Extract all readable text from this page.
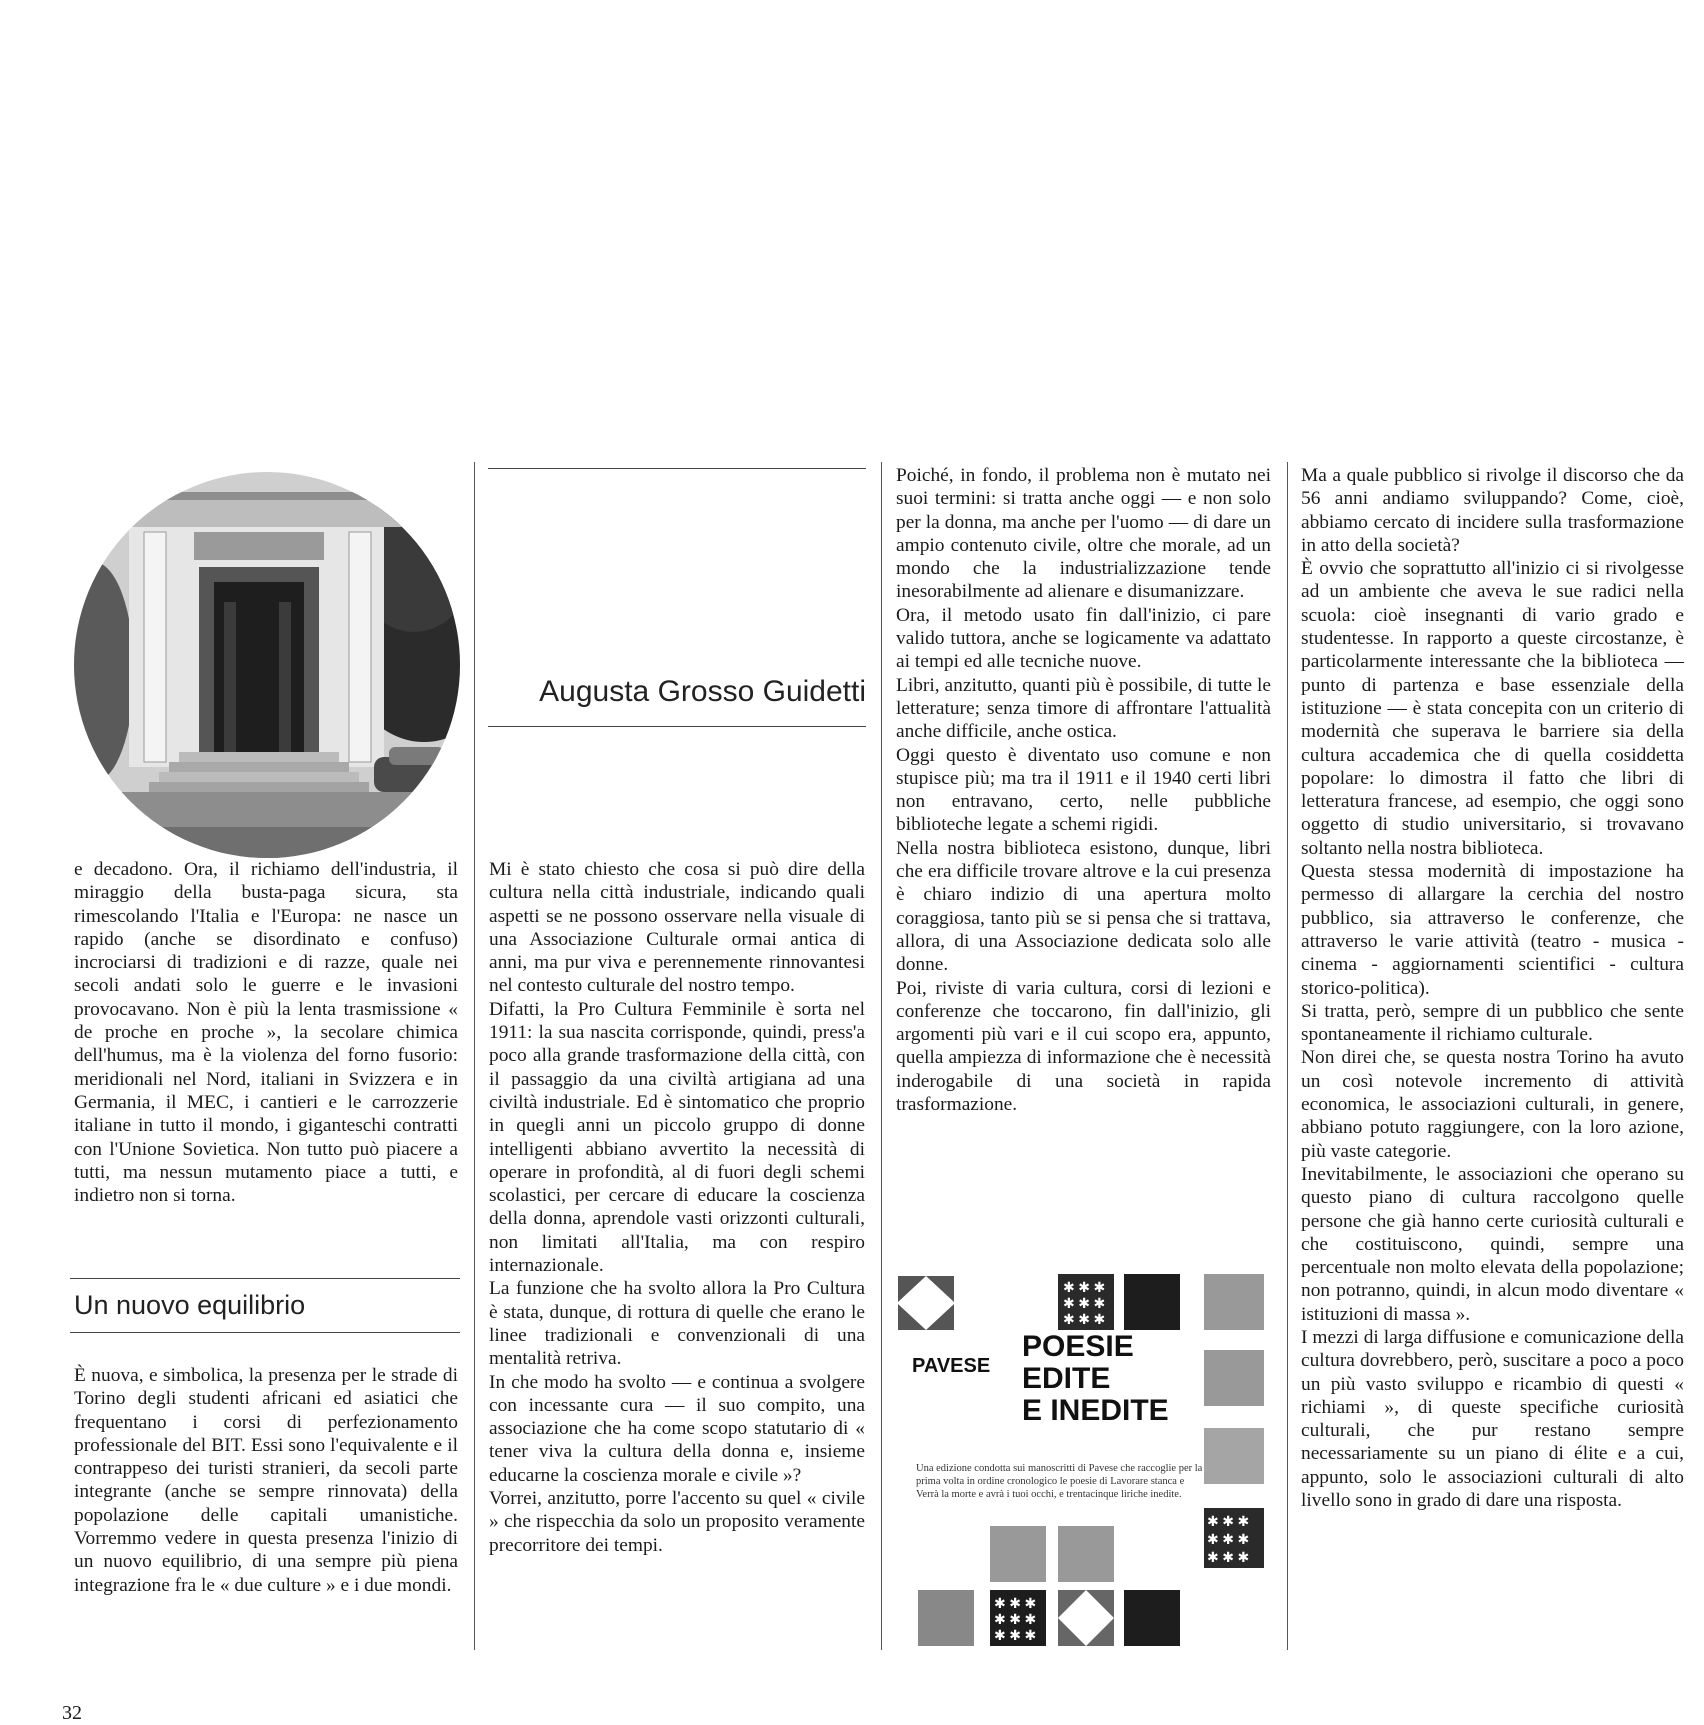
e decadono. Ora, il richiamo dell'industria, il miraggio della busta-paga sicura, sta rimescolando l'Italia e l'Europa: ne nasce un rapido (anche se disordinato e confuso) incrociarsi di tradizioni e di razze, quale nei secoli andati solo le guerre e le invasioni provocavano. Non è più la lenta trasmissione « de proche en proche », la secolare chimica dell'humus, ma è la violenza del forno fusorio: meridionali nel Nord, italiani in Svizzera e in Germania, il MEC, i cantieri e le carrozzerie italiane in tutto il mondo, i giganteschi contratti con l'Unione Sovietica. Non tutto può piacere a tutti, ma nessun mutamento piace a tutti, e indietro non si torna.

Un nuovo equilibrio

È nuova, e simbolica, la presenza per le strade di Torino degli studenti africani ed asiatici che frequentano i corsi di perfezionamento professionale del BIT. Essi sono l'equivalente e il contrappeso dei turisti stranieri, da secoli parte integrante (anche se sempre rinnovata) della popolazione delle capitali umanistiche. Vorremmo vedere in questa presenza l'inizio di un nuovo equilibrio, di una sempre più piena integrazione fra le « due culture » e i due mondi.

Augusta Grosso Guidetti

Mi è stato chiesto che cosa si può dire della cultura nella città industriale, indicando quali aspetti se ne possono osservare nella visuale di una Associazione Culturale ormai antica di anni, ma pur viva e perennemente rinnovantesi nel contesto culturale del nostro tempo.

Difatti, la Pro Cultura Femminile è sorta nel 1911: la sua nascita corrisponde, quindi, press'a poco alla grande trasformazione della città, con il passaggio da una civiltà artigiana ad una civiltà industriale. Ed è sintomatico che proprio in quegli anni un piccolo gruppo di donne intelligenti abbiano avvertito la necessità di operare in profondità, al di fuori degli schemi scolastici, per cercare di educare la coscienza della donna, aprendole vasti orizzonti culturali, non limitati all'Italia, ma con respiro internazionale.

La funzione che ha svolto allora la Pro Cultura è stata, dunque, di rottura di quelle che erano le linee tradizionali e convenzionali di una mentalità retriva.

In che modo ha svolto — e continua a svolgere con incessante cura — il suo compito, una associazione che ha come scopo statutario di « tener viva la cultura della donna e, insieme educarne la coscienza morale e civile »?

Vorrei, anzitutto, porre l'accento su quel « civile » che rispecchia da solo un proposito veramente precorritore dei tempi.

Poiché, in fondo, il problema non è mutato nei suoi termini: si tratta anche oggi — e non solo per la donna, ma anche per l'uomo — di dare un ampio contenuto civile, oltre che morale, ad un mondo che la industrializzazione tende inesorabilmente ad alienare e disumanizzare.

Ora, il metodo usato fin dall'inizio, ci pare valido tuttora, anche se logicamente va adattato ai tempi ed alle tecniche nuove.

Libri, anzitutto, quanti più è possibile, di tutte le letterature; senza timore di affrontare l'attualità anche difficile, anche ostica.

Oggi questo è diventato uso comune e non stupisce più; ma tra il 1911 e il 1940 certi libri non entravano, certo, nelle pubbliche biblioteche legate a schemi rigidi.

Nella nostra biblioteca esistono, dunque, libri che era difficile trovare altrove e la cui presenza è chiaro indizio di una apertura molto coraggiosa, tanto più se si pensa che si trattava, allora, di una Associazione dedicata solo alle donne.

Poi, riviste di varia cultura, corsi di lezioni e conferenze che toccarono, fin dall'inizio, gli argomenti più vari e il cui scopo era, appunto, quella ampiezza di informazione che è necessità inderogabile di una società in rapida trasformazione.

✱ ✱ ✱
✱ ✱ ✱
✱ ✱ ✱
✱ ✱ ✱
✱ ✱ ✱
✱ ✱ ✱
✱ ✱ ✱
✱ ✱ ✱
✱ ✱ ✱
PAVESE
POESIE
EDITE
E INEDITE
Una edizione condotta sui manoscritti di Pavese che raccoglie per la prima volta in ordine cronologico le poesie di Lavorare stanca e Verrà la morte e avrà i tuoi occhi, e trentacinque liriche inedite.

Ma a quale pubblico si rivolge il discorso che da 56 anni andiamo sviluppando? Come, cioè, abbiamo cercato di incidere sulla trasformazione in atto della società?

È ovvio che soprattutto all'inizio ci si rivolgesse ad un ambiente che aveva le sue radici nella scuola: cioè insegnanti di vario grado e studentesse. In rapporto a queste circostanze, è particolarmente interessante che la biblioteca — punto di partenza e base essenziale della istituzione — è stata concepita con un criterio di modernità che superava le barriere sia della cultura accademica che di quella cosiddetta popolare: lo dimostra il fatto che libri di letteratura francese, ad esempio, che oggi sono oggetto di studio universitario, si trovavano soltanto nella nostra biblioteca.

Questa stessa modernità di impostazione ha permesso di allargare la cerchia del nostro pubblico, sia attraverso le conferenze, che attraverso le varie attività (teatro - musica - cinema - aggiornamenti scientifici - cultura storico-politica).

Si tratta, però, sempre di un pubblico che sente spontaneamente il richiamo culturale.

Non direi che, se questa nostra Torino ha avuto un così notevole incremento di attività economica, le associazioni culturali, in genere, abbiano potuto raggiungere, con la loro azione, più vaste categorie.

Inevitabilmente, le associazioni che operano su questo piano di cultura raccolgono quelle persone che già hanno certe curiosità culturali e che costituiscono, quindi, sempre una percentuale non molto elevata della popolazione; non potranno, quindi, in alcun modo diventare « istituzioni di massa ».

I mezzi di larga diffusione e comunicazione della cultura dovrebbero, però, suscitare a poco a poco un più vasto sviluppo e ricambio di questi « richiami », di queste specifiche curiosità culturali, che pur restano sempre necessariamente su un piano di élite e a cui, appunto, solo le associazioni culturali di alto livello sono in grado di dare una risposta.

32
